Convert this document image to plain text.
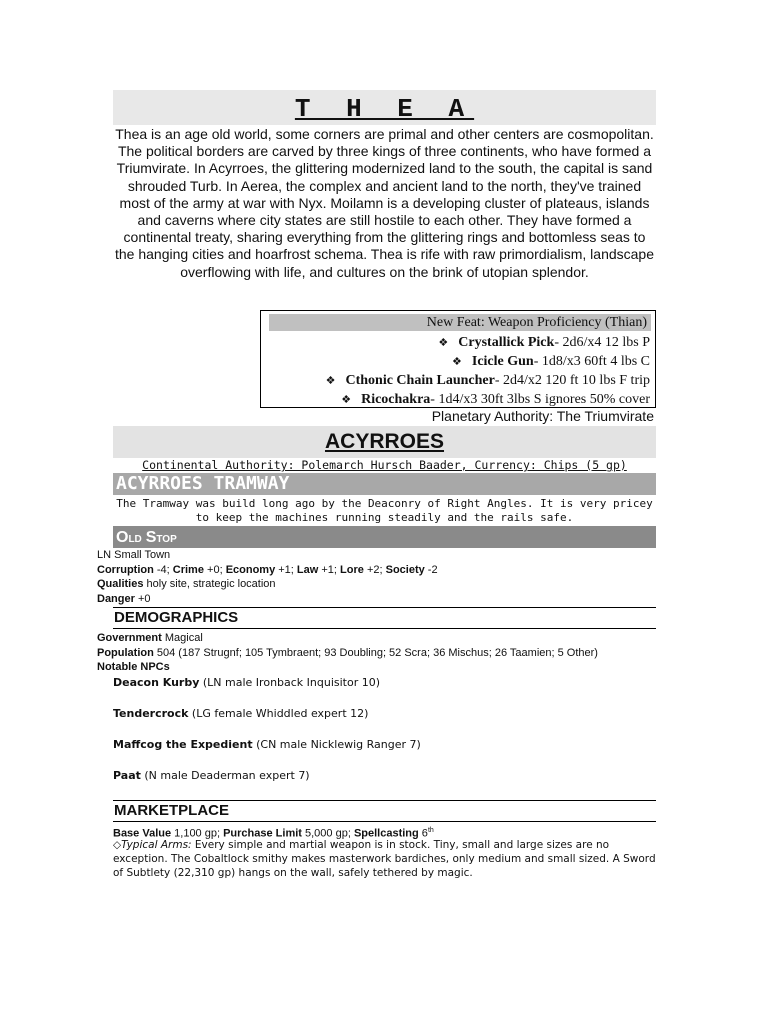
T H E A
Thea is an age old world, some corners are primal and other centers are cosmopolitan. The political borders are carved by three kings of three continents, who have formed a Triumvirate. In Acyrroes, the glittering modernized land to the south, the capital is sand shrouded Turb. In Aerea, the complex and ancient land to the north, they've trained most of the army at war with Nyx. Moilamn is a developing cluster of plateaus, islands and caverns where city states are still hostile to each other. They have formed a continental treaty, sharing everything from the glittering rings and bottomless seas to the hanging cities and hoarfrost schema. Thea is rife with raw primordialism, landscape overflowing with life, and cultures on the brink of utopian splendor.
New Feat: Weapon Proficiency (Thian)
❖ Crystallick Pick- 2d6/x4 12 lbs P
❖ Icicle Gun- 1d8/x3 60ft 4 lbs C
❖ Cthonic Chain Launcher- 2d4/x2 120 ft 10 lbs F trip
❖ Ricochakra- 1d4/x3 30ft 3lbs S ignores 50% cover
Planetary Authority: The Triumvirate
ACYRROES
Continental Authority: Polemarch Hursch Baader, Currency: Chips (5 gp)
ACYRROES TRAMWAY
The Tramway was build long ago by the Deaconry of Right Angles. It is very pricey to keep the machines running steadily and the rails safe.
Old Stop
LN Small Town
Corruption -4; Crime +0; Economy +1; Law +1; Lore +2; Society -2
Qualities holy site, strategic location
Danger +0
DEMOGRAPHICS
Government Magical
Population 504 (187 Strugnf; 105 Tymbraent; 93 Doubling; 52 Scra; 36 Mischus; 26 Taamien; 5 Other)
Notable NPCs
Deacon Kurby (LN male Ironback Inquisitor 10)
Tendercrock (LG female Whiddled expert 12)
Maffcog the Expedient (CN male Nicklewig Ranger 7)
Paat (N male Deaderman expert 7)
MARKETPLACE
Base Value 1,100 gp; Purchase Limit 5,000 gp; Spellcasting 6th
◇Typical Arms: Every simple and martial weapon is in stock. Tiny, small and large sizes are no exception. The Cobaltlock smithy makes masterwork bardiches, only medium and small sized. A Sword of Subtlety (22,310 gp) hangs on the wall, safely tethered by magic.
